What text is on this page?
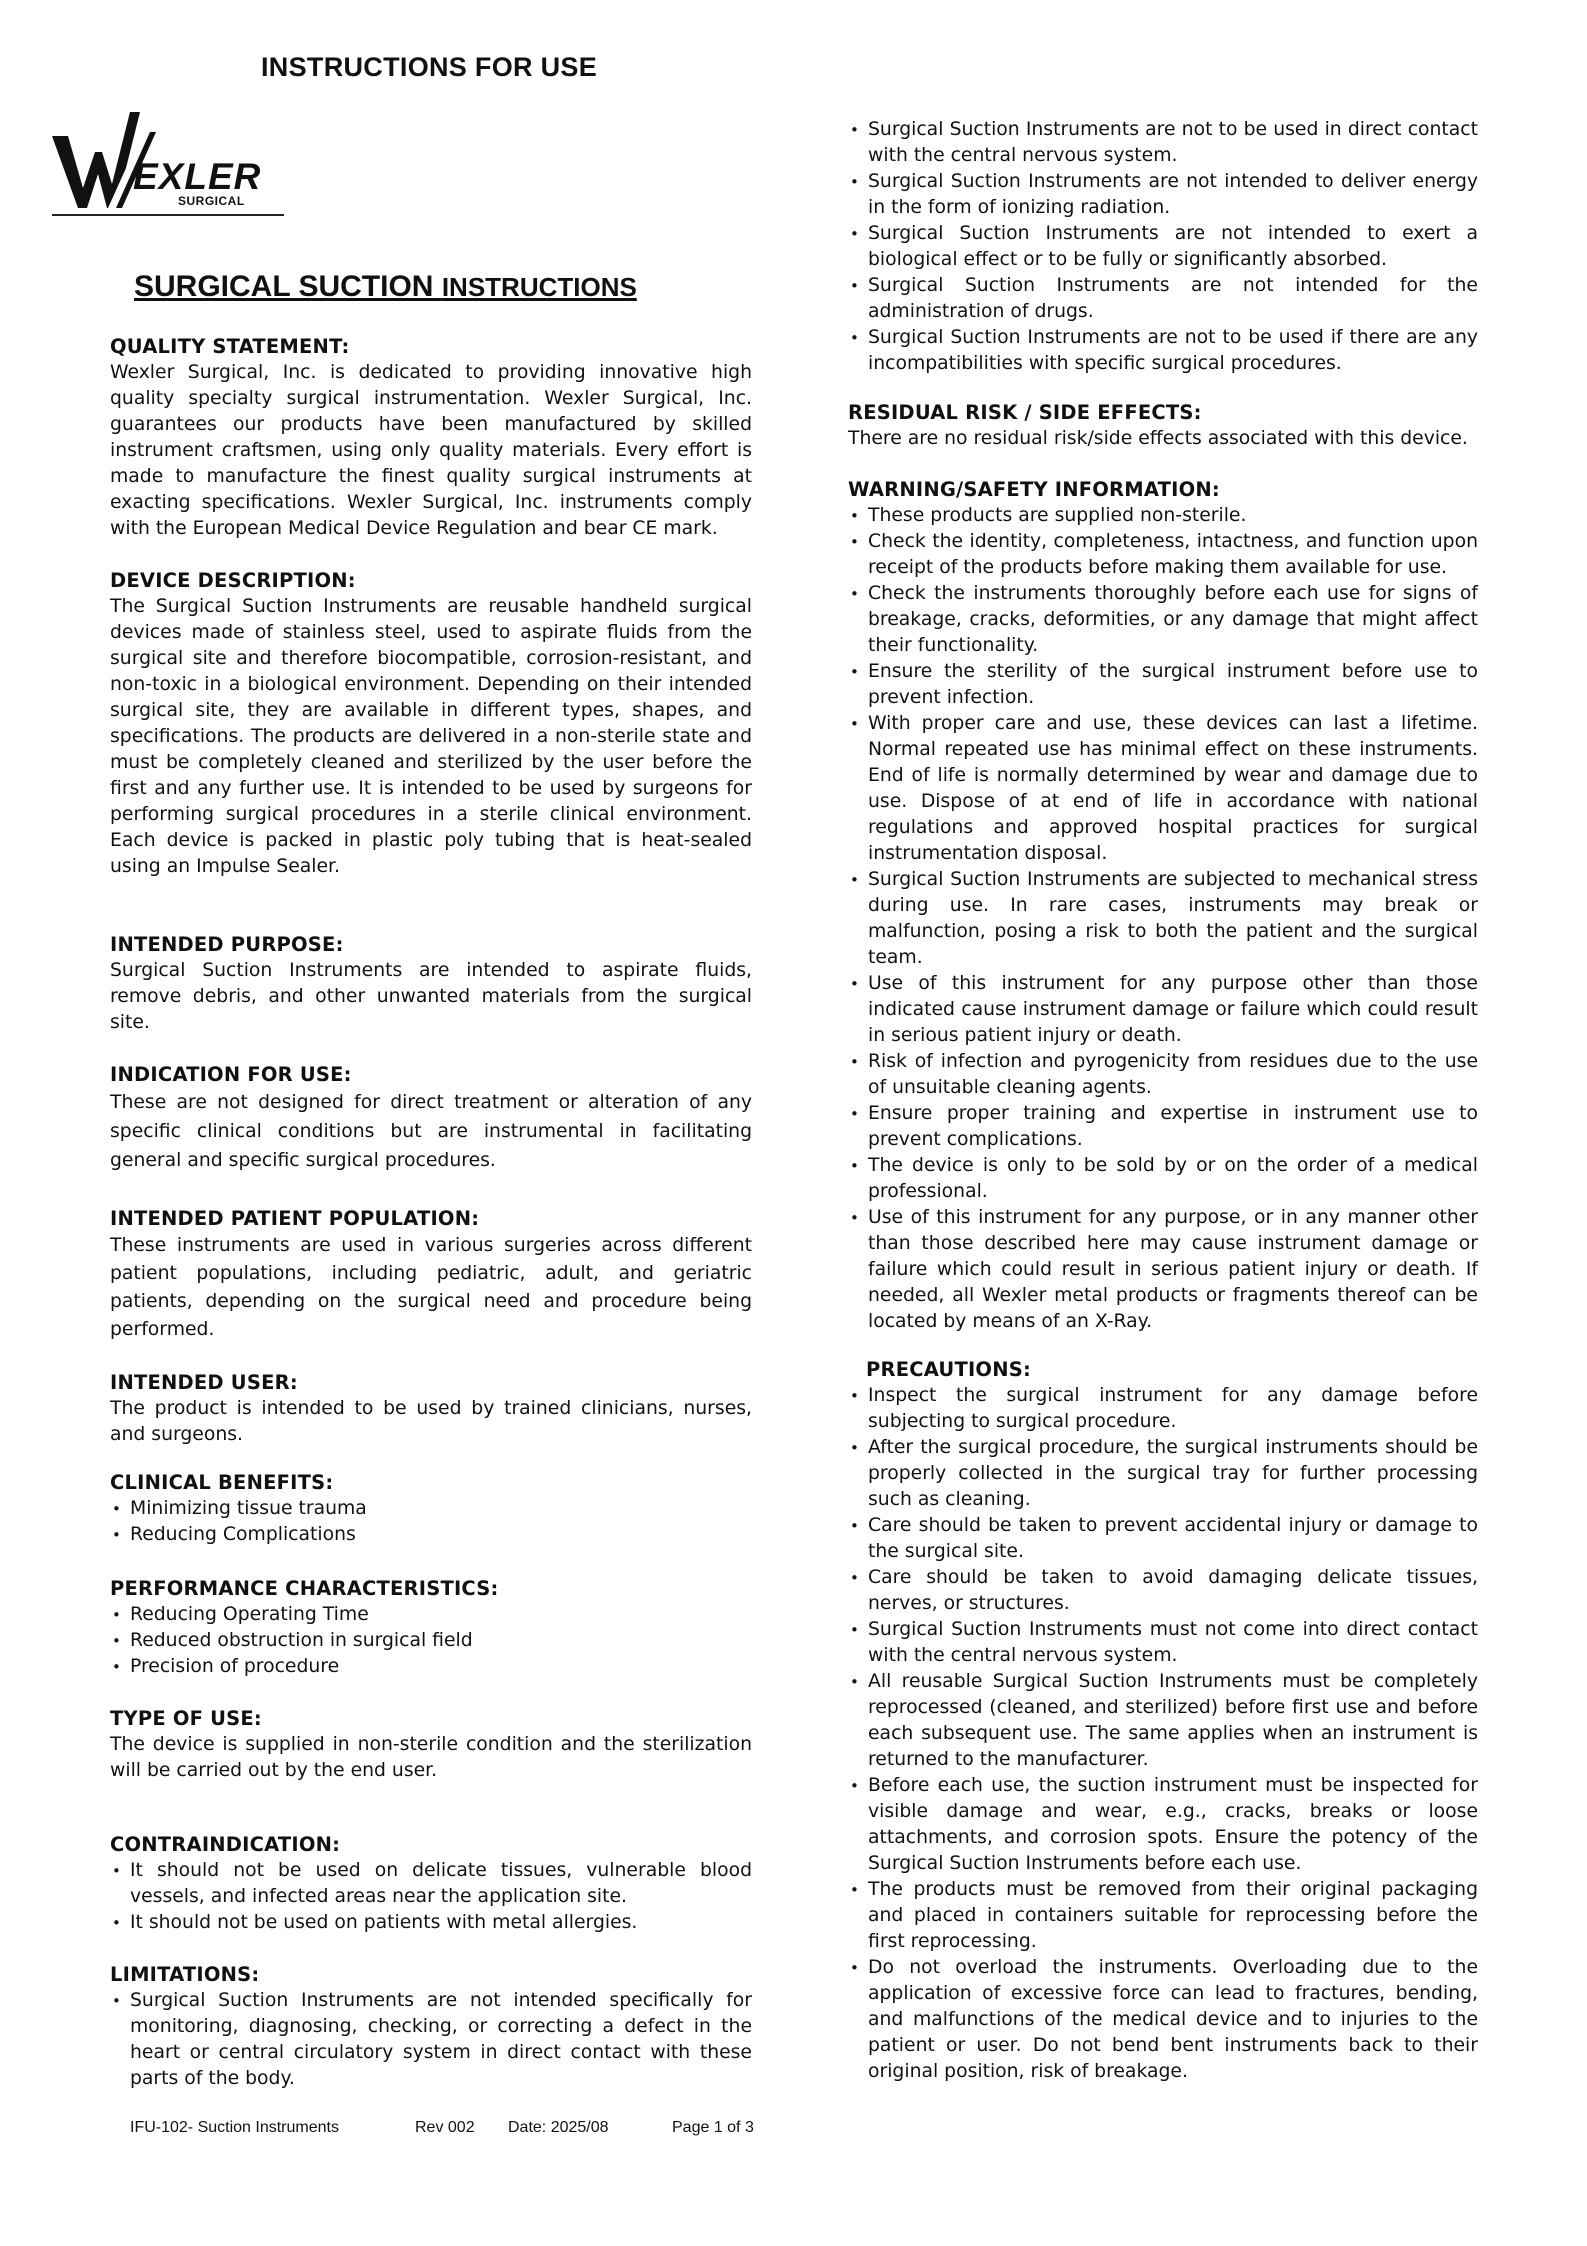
INSTRUCTIONS FOR USE
EXLER
SURGICAL
SURGICAL SUCTION INSTRUCTIONS
QUALITY STATEMENT:
Wexler Surgical, Inc. is dedicated to providing innovative high quality specialty surgical instrumentation. Wexler Surgical, Inc. guarantees our products have been manufactured by skilled instrument craftsmen, using only quality materials. Every effort is made to manufacture the finest quality surgical instruments at exacting specifications. Wexler Surgical, Inc. instruments comply with the European Medical Device Regulation and bear CE mark.
DEVICE DESCRIPTION:
The Surgical Suction Instruments are reusable handheld surgical devices made of stainless steel, used to aspirate fluids from the surgical site and therefore biocompatible, corrosion-resistant, and non-toxic in a biological environment. Depending on their intended surgical site, they are available in different types, shapes, and specifications. The products are delivered in a non-sterile state and must be completely cleaned and sterilized by the user before the first and any further use. It is intended to be used by surgeons for performing surgical procedures in a sterile clinical environment. Each device is packed in plastic poly tubing that is heat-sealed using an Impulse Sealer.
INTENDED PURPOSE:
Surgical Suction Instruments are intended to aspirate fluids, remove debris, and other unwanted materials from the surgical site.
INDICATION FOR USE:
These are not designed for direct treatment or alteration of any specific clinical conditions but are instrumental in facilitating general and specific surgical procedures.
INTENDED PATIENT POPULATION:
These instruments are used in various surgeries across different patient populations, including pediatric, adult, and geriatric patients, depending on the surgical need and procedure being performed.
INTENDED USER:
The product is intended to be used by trained clinicians, nurses, and surgeons.
CLINICAL BENEFITS:
• Minimizing tissue trauma
• Reducing Complications
PERFORMANCE CHARACTERISTICS:
• Reducing Operating Time
• Reduced obstruction in surgical field
• Precision of procedure
TYPE OF USE:
The device is supplied in non-sterile condition and the sterilization will be carried out by the end user.
CONTRAINDICATION:
• It should not be used on delicate tissues, vulnerable blood vessels, and infected areas near the application site.
• It should not be used on patients with metal allergies.
LIMITATIONS:
• Surgical Suction Instruments are not intended specifically for monitoring, diagnosing, checking, or correcting a defect in the heart or central circulatory system in direct contact with these parts of the body.
• Surgical Suction Instruments are not to be used in direct contact with the central nervous system.
• Surgical Suction Instruments are not intended to deliver energy in the form of ionizing radiation.
• Surgical Suction Instruments are not intended to exert a biological effect or to be fully or significantly absorbed.
• Surgical Suction Instruments are not intended for the administration of drugs.
• Surgical Suction Instruments are not to be used if there are any incompatibilities with specific surgical procedures.
RESIDUAL RISK / SIDE EFFECTS:
There are no residual risk/side effects associated with this device.
WARNING/SAFETY INFORMATION:
• These products are supplied non-sterile.
• Check the identity, completeness, intactness, and function upon receipt of the products before making them available for use.
• Check the instruments thoroughly before each use for signs of breakage, cracks, deformities, or any damage that might affect their functionality.
• Ensure the sterility of the surgical instrument before use to prevent infection.
• With proper care and use, these devices can last a lifetime. Normal repeated use has minimal effect on these instruments. End of life is normally determined by wear and damage due to use. Dispose of at end of life in accordance with national regulations and approved hospital practices for surgical instrumentation disposal.
• Surgical Suction Instruments are subjected to mechanical stress during use. In rare cases, instruments may break or malfunction, posing a risk to both the patient and the surgical team.
• Use of this instrument for any purpose other than those indicated cause instrument damage or failure which could result in serious patient injury or death.
• Risk of infection and pyrogenicity from residues due to the use of unsuitable cleaning agents.
• Ensure proper training and expertise in instrument use to prevent complications.
• The device is only to be sold by or on the order of a medical professional.
• Use of this instrument for any purpose, or in any manner other than those described here may cause instrument damage or failure which could result in serious patient injury or death. If needed, all Wexler metal products or fragments thereof can be located by means of an X-Ray.
PRECAUTIONS:
• Inspect the surgical instrument for any damage before subjecting to surgical procedure.
• After the surgical procedure, the surgical instruments should be properly collected in the surgical tray for further processing such as cleaning.
• Care should be taken to prevent accidental injury or damage to the surgical site.
• Care should be taken to avoid damaging delicate tissues, nerves, or structures.
• Surgical Suction Instruments must not come into direct contact with the central nervous system.
• All reusable Surgical Suction Instruments must be completely reprocessed (cleaned, and sterilized) before first use and before each subsequent use. The same applies when an instrument is returned to the manufacturer.
• Before each use, the suction instrument must be inspected for visible damage and wear, e.g., cracks, breaks or loose attachments, and corrosion spots. Ensure the potency of the Surgical Suction Instruments before each use.
• The products must be removed from their original packaging and placed in containers suitable for reprocessing before the first reprocessing.
• Do not overload the instruments. Overloading due to the application of excessive force can lead to fractures, bending, and malfunctions of the medical device and to injuries to the patient or user. Do not bend bent instruments back to their original position, risk of breakage.
IFU-102- Suction Instruments	Rev 002 Date: 2025/08	Page 1 of 3
